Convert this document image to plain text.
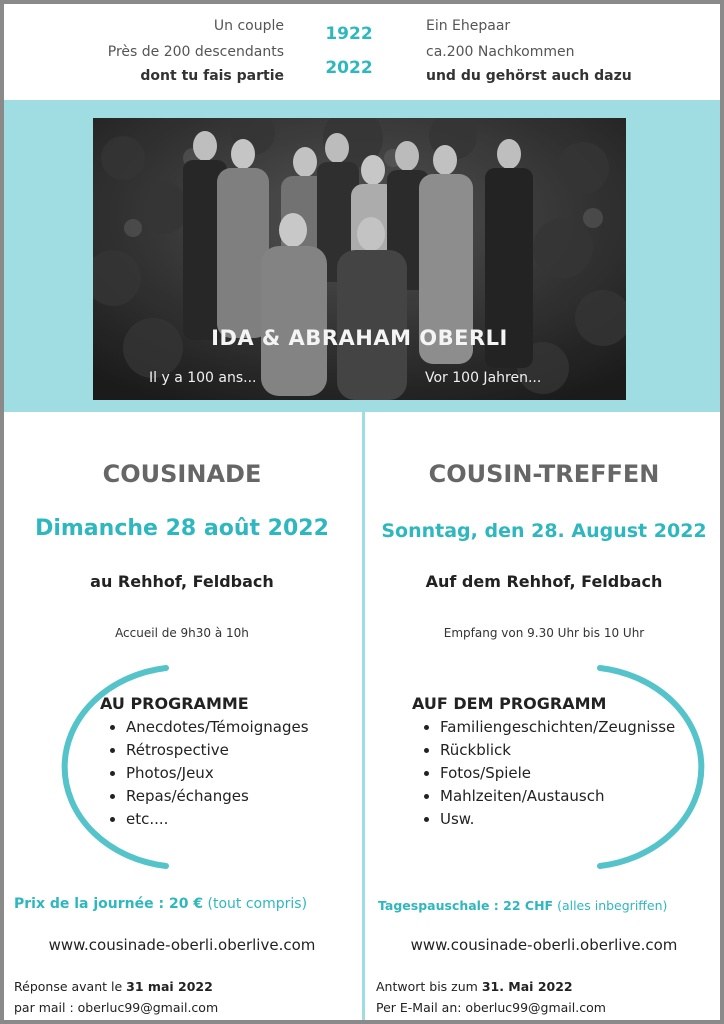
Un couple
Près de 200 descendants
dont tu fais partie
1922
2022
Ein Ehepaar
ca.200 Nachkommen
und du gehörst auch dazu
IDA & ABRAHAM OBERLI
Il y a 100 ans...	Vor 100 Jahren...
COUSINADE
Dimanche 28 août 2022
au Rehhof, Feldbach
Accueil de 9h30 à 10h
AU PROGRAMME
• Anecdotes/Témoignages
• Rétrospective
• Photos/Jeux
• Repas/échanges
• etc....
Prix de la journée : 20 € (tout compris)
www.cousinade-oberli.oberlive.com
Réponse avant le 31 mai 2022
par mail : oberluc99@gmail.com
COUSIN-TREFFEN
Sonntag, den 28. August 2022
Auf dem Rehhof, Feldbach
Empfang von 9.30 Uhr bis 10 Uhr
AUF DEM PROGRAMM
• Familiengeschichten/Zeugnisse
• Rückblick
• Fotos/Spiele
• Mahlzeiten/Austausch
• Usw.
Tagespauschale : 22 CHF (alles inbegriffen)
www.cousinade-oberli.oberlive.com
Antwort bis zum 31. Mai 2022
Per E-Mail an: oberluc99@gmail.com
